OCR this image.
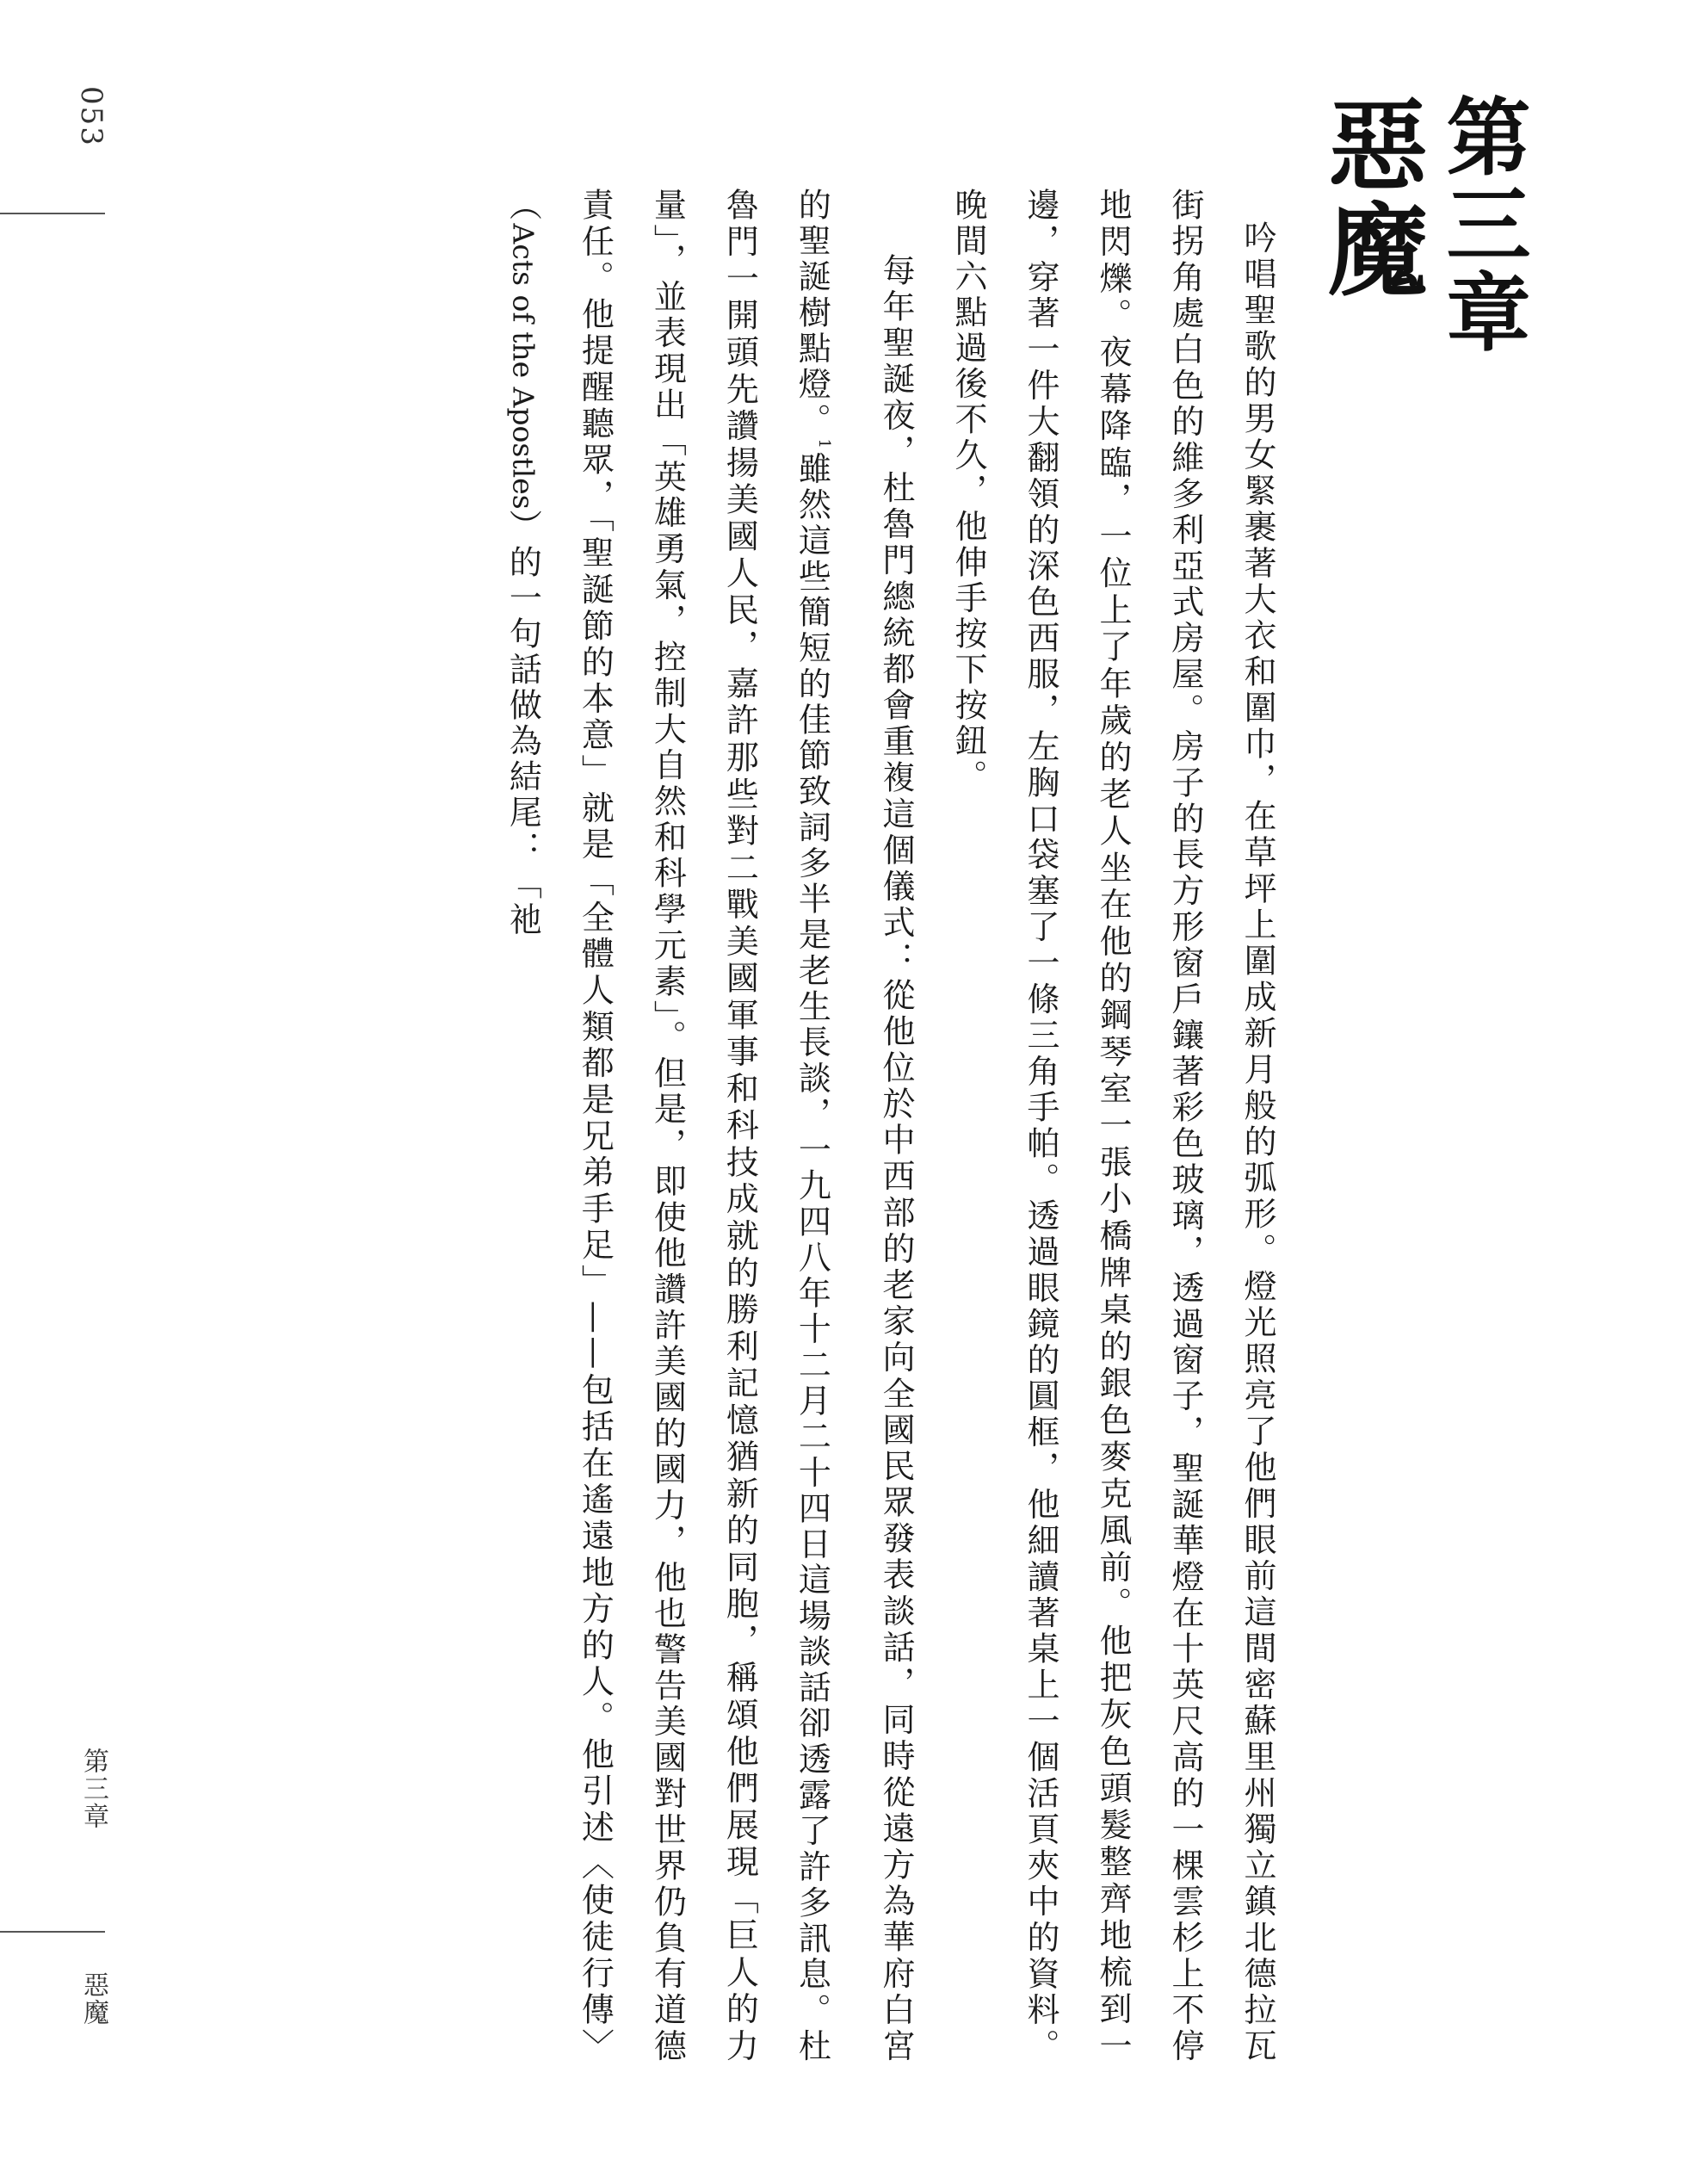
053
第三章
惡魔
第三章
惡魔

吟唱聖歌的男女緊裹著大衣和圍巾，在草坪上圍成新月般的弧形。燈光照亮了他們眼前這間密蘇里州獨立鎮北德拉瓦街拐角處白色的維多利亞式房屋。房子的長方形窗戶鑲著彩色玻璃，透過窗子，聖誕華燈在十英尺高的一棵雲杉上不停地閃爍。夜幕降臨，一位上了年歲的老人坐在他的鋼琴室一張小橋牌桌的銀色麥克風前。他把灰色頭髮整齊地梳到一邊，穿著一件大翻領的深色西服，左胸口袋塞了一條三角手帕。透過眼鏡的圓框，他細讀著桌上一個活頁夾中的資料。晚間六點過後不久，他伸手按下按鈕。

每年聖誕夜，杜魯門總統都會重複這個儀式：從他位於中西部的老家向全國民眾發表談話，同時從遠方為華府白宮的聖誕樹點燈。$^1$雖然這些簡短的佳節致詞多半是老生長談，一九四八年十二月二十四日這場談話卻透露了許多訊息。杜魯門一開頭先讚揚美國人民，嘉許那些對二戰美國軍事和科技成就的勝利記憶猶新的同胞，稱頌他們展現「巨人的力量」，並表現出「英雄勇氣，控制大自然和科學元素」。但是，即使他讚許美國的國力，他也警告美國對世界仍負有道德責任。他提醒聽眾，「聖誕節的本意」就是「全體人類都是兄弟手足」——包括在遙遠地方的人。他引述〈使徒行傳〉（Acts of the Apostles）的一句話做為結尾：「祂
